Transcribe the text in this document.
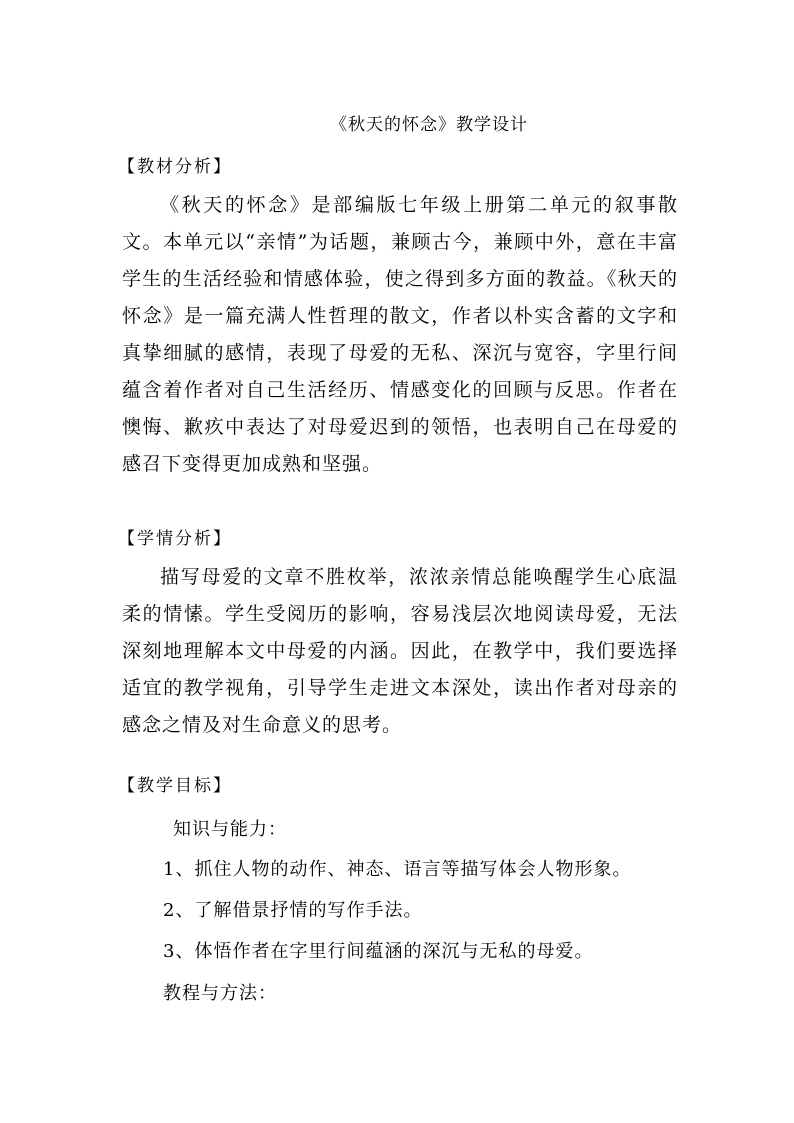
《秋天的怀念》教学设计
【教材分析】

《秋天的怀念》是部编版七年级上册第二单元的叙事散文。本单元以“亲情”为话题，兼顾古今，兼顾中外，意在丰富学生的生活经验和情感体验，使之得到多方面的教益。《秋天的怀念》是一篇充满人性哲理的散文，作者以朴实含蓄的文字和真挚细腻的感情，表现了母爱的无私、深沉与宽容，字里行间蕴含着作者对自己生活经历、情感变化的回顾与反思。作者在懊悔、歉疚中表达了对母爱迟到的领悟，也表明自己在母爱的感召下变得更加成熟和坚强。

【学情分析】

描写母爱的文章不胜枚举，浓浓亲情总能唤醒学生心底温柔的情愫。学生受阅历的影响，容易浅层次地阅读母爱，无法深刻地理解本文中母爱的内涵。因此，在教学中，我们要选择适宜的教学视角，引导学生走进文本深处，读出作者对母亲的感念之情及对生命意义的思考。

【教学目标】
知识与能力：
1、抓住人物的动作、神态、语言等描写体会人物形象。
2、了解借景抒情的写作手法。
3、体悟作者在字里行间蕴涵的深沉与无私的母爱。
教程与方法：
